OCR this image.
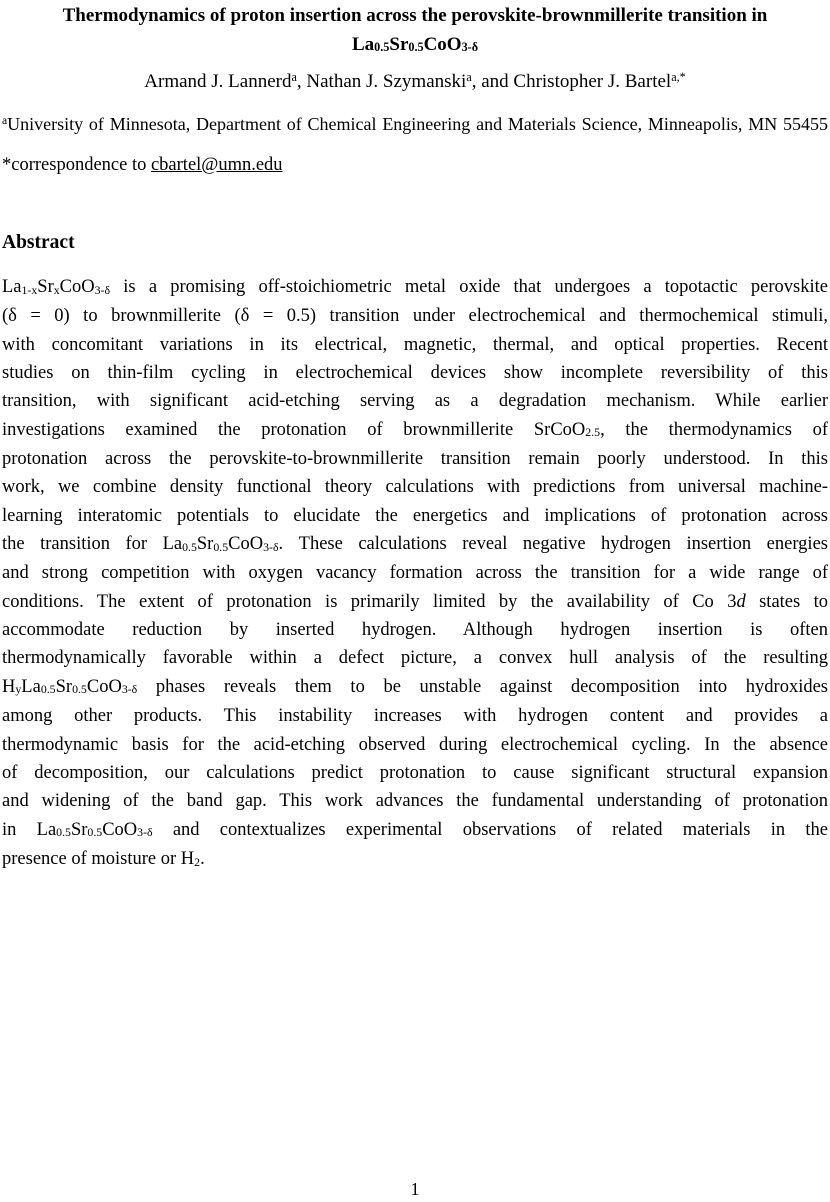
Thermodynamics of proton insertion across the perovskite-brownmillerite transition in
La0.5Sr0.5CoO3-δ
Armand J. Lannerd$^a$, Nathan J. Szymanski$^a$, and Christopher J. Bartel$^{a,*}$
$^a$University of Minnesota, Department of Chemical Engineering and Materials Science, Minneapolis, MN 55455
*correspondence to cbartel@umn.edu
Abstract
La1-xSrxCoO3-δ is a promising off-stoichiometric metal oxide that undergoes a topotactic perovskite
(δ = 0) to brownmillerite (δ = 0.5) transition under electrochemical and thermochemical stimuli,
with concomitant variations in its electrical, magnetic, thermal, and optical properties. Recent
studies on thin-film cycling in electrochemical devices show incomplete reversibility of this
transition, with significant acid-etching serving as a degradation mechanism. While earlier
investigations examined the protonation of brownmillerite SrCoO2.5, the thermodynamics of
protonation across the perovskite-to-brownmillerite transition remain poorly understood. In this
work, we combine density functional theory calculations with predictions from universal machine-
learning interatomic potentials to elucidate the energetics and implications of protonation across
the transition for La0.5Sr0.5CoO3-δ. These calculations reveal negative hydrogen insertion energies
and strong competition with oxygen vacancy formation across the transition for a wide range of
conditions. The extent of protonation is primarily limited by the availability of Co 3d states to
accommodate reduction by inserted hydrogen. Although hydrogen insertion is often
thermodynamically favorable within a defect picture, a convex hull analysis of the resulting
HyLa0.5Sr0.5CoO3-δ phases reveals them to be unstable against decomposition into hydroxides
among other products. This instability increases with hydrogen content and provides a
thermodynamic basis for the acid-etching observed during electrochemical cycling. In the absence
of decomposition, our calculations predict protonation to cause significant structural expansion
and widening of the band gap. This work advances the fundamental understanding of protonation
in La0.5Sr0.5CoO3-δ and contextualizes experimental observations of related materials in the
presence of moisture or H2.
1
